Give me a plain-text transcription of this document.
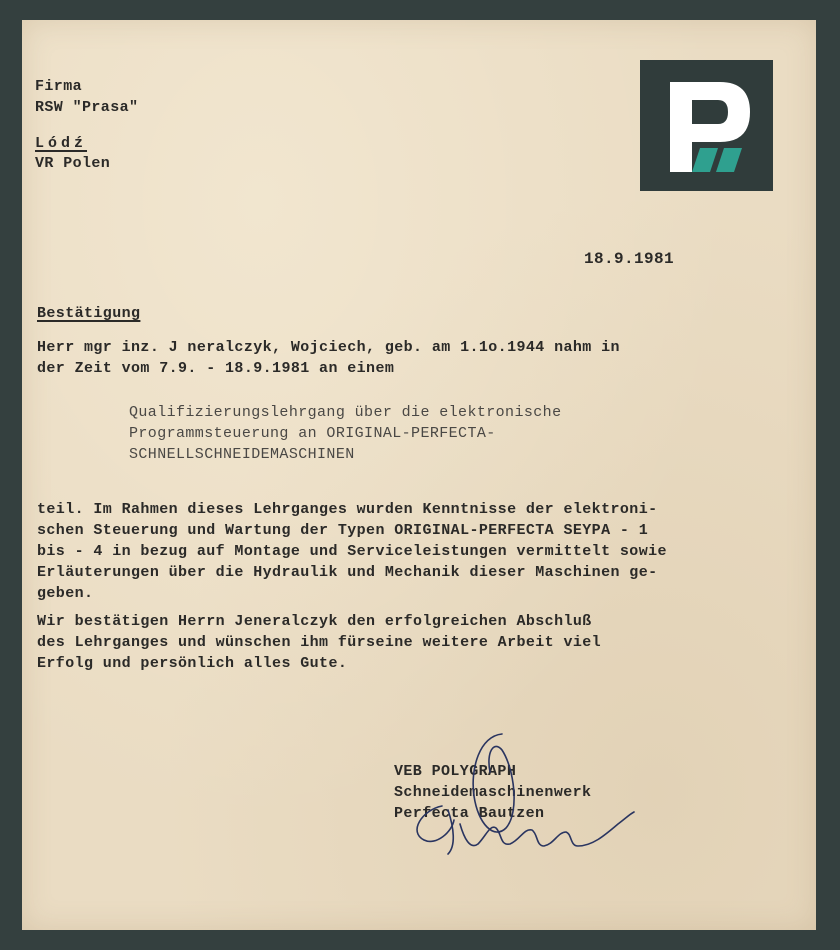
Firma
RSW "Prasa"
Lódź
VR Polen
18.9.1981
Bestätigung
Herr mgr inz. J neralczyk, Wojciech, geb. am 1.1o.1944 nahm in
der Zeit vom 7.9. - 18.9.1981 an einem
Qualifizierungslehrgang über die elektronische
Programmsteuerung an ORIGINAL-PERFECTA-
SCHNELLSCHNEIDEMASCHINEN
teil. Im Rahmen dieses Lehrganges wurden Kenntnisse der elektroni-
schen Steuerung und Wartung der Typen ORIGINAL-PERFECTA SEYPA - 1
bis - 4 in bezug auf Montage und Serviceleistungen vermittelt sowie
Erläuterungen über die Hydraulik und Mechanik dieser Maschinen ge-
geben.
Wir bestätigen Herrn Jeneralczyk den erfolgreichen Abschluß
des Lehrganges und wünschen ihm fürseine weitere Arbeit viel
Erfolg und persönlich alles Gute.
VEB POLYGRAPH
Schneidemaschinenwerk
Perfecta Bautzen
